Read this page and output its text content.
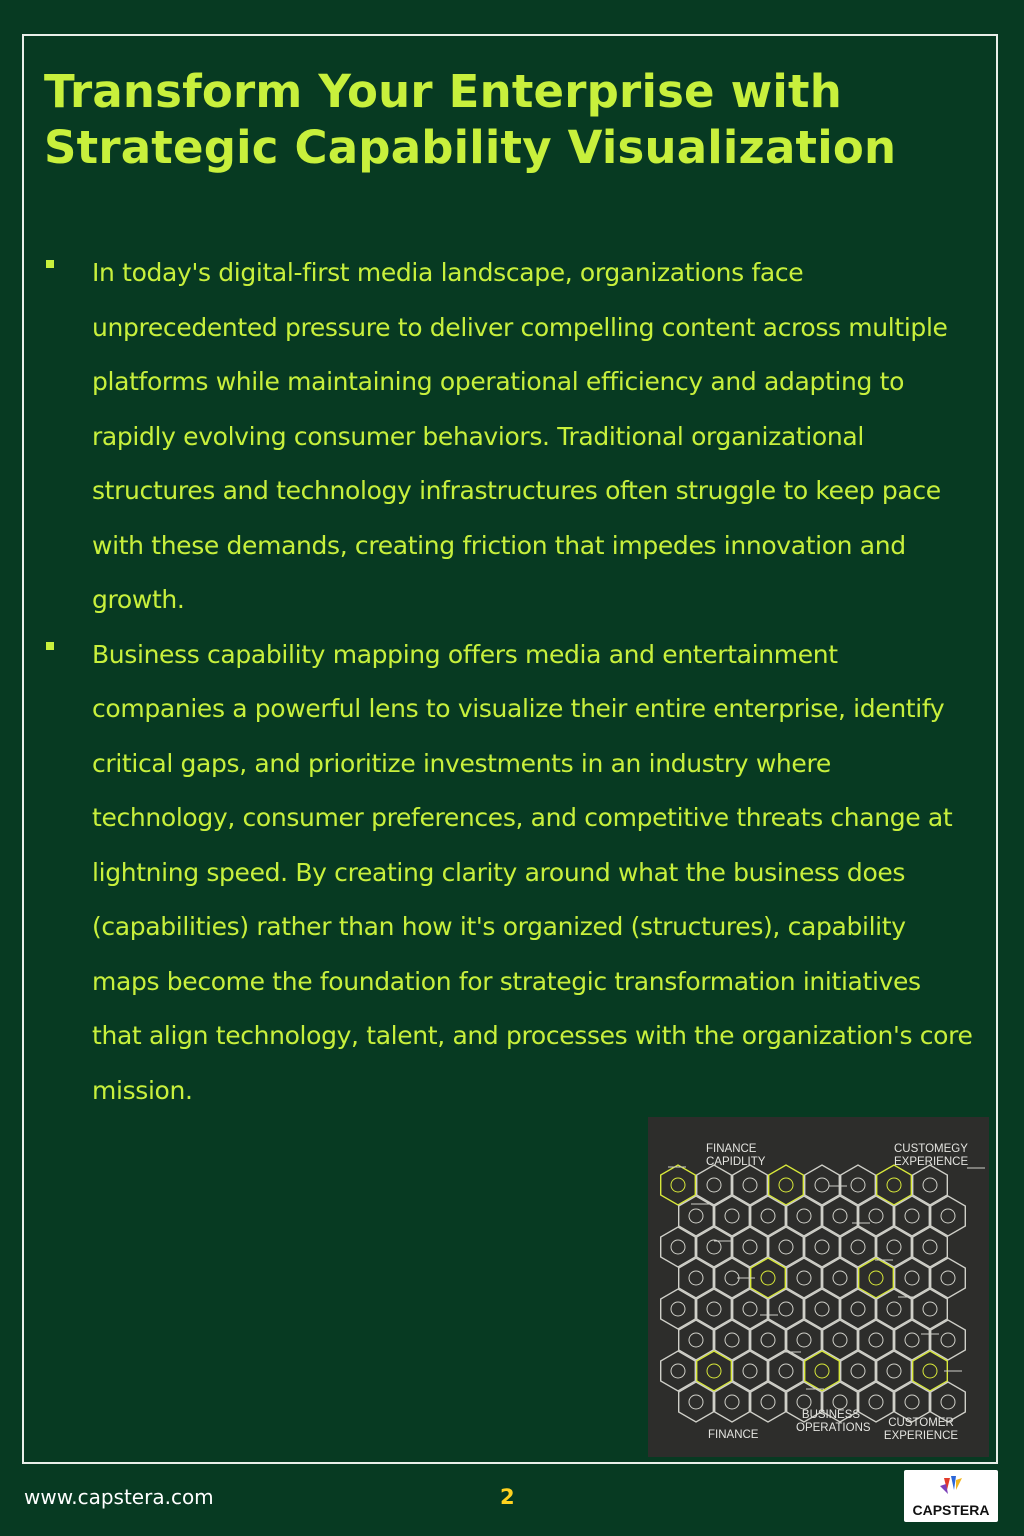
Transform Your Enterprise with Strategic Capability Visualization
In today's digital-first media landscape, organizations face unprecedented pressure to deliver compelling content across multiple platforms while maintaining operational efficiency and adapting to rapidly evolving consumer behaviors. Traditional organizational structures and technology infrastructures often struggle to keep pace with these demands, creating friction that impedes innovation and growth.
Business capability mapping offers media and entertainment companies a powerful lens to visualize their entire enterprise, identify critical gaps, and prioritize investments in an industry where technology, consumer preferences, and competitive threats change at lightning speed. By creating clarity around what the business does (capabilities) rather than how it's organized (structures), capability maps become the foundation for strategic transformation initiatives that align technology, talent, and processes with the organization's core mission.
FINANCE CAPIDLITY
CUSTOMEGY EXPERIENCE
FINANCE
BUSINESS OPERATIONS	CUSTOMER EXPERIENCE
www.capstera.com	2
CAPSTERA
